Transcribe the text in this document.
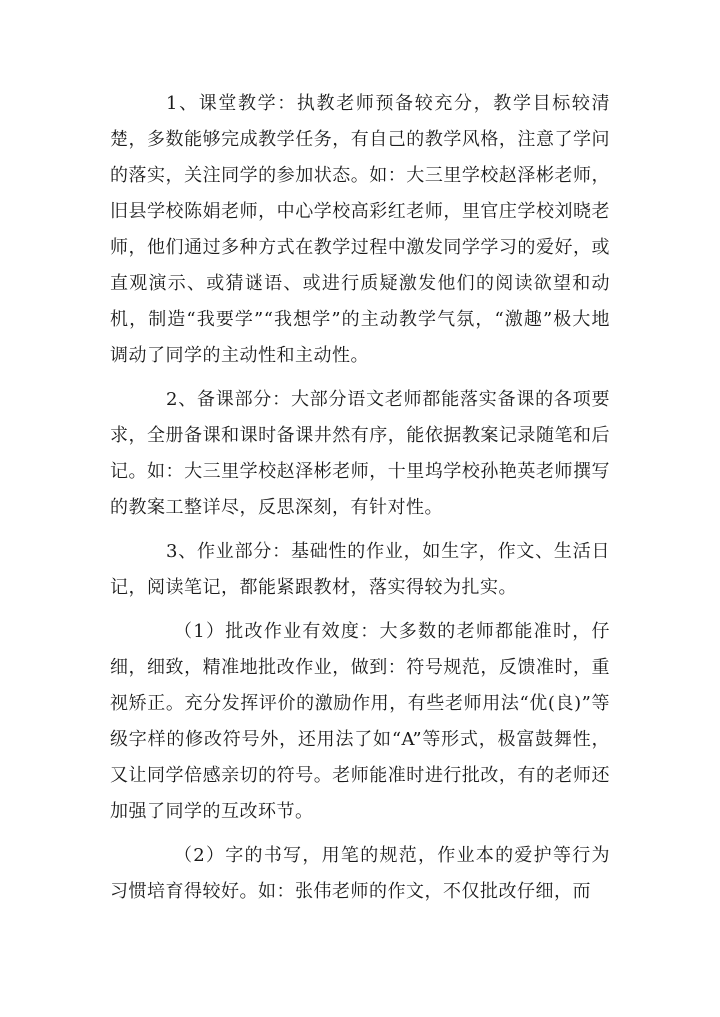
1、课堂教学：执教老师预备较充分，教学目标较清楚，多数能够完成教学任务，有自己的教学风格，注意了学问的落实，关注同学的参加状态。如：大三里学校赵泽彬老师，旧县学校陈娟老师，中心学校高彩红老师，里官庄学校刘晓老师，他们通过多种方式在教学过程中激发同学学习的爱好，或直观演示、或猜谜语、或进行质疑激发他们的阅读欲望和动机，制造“我要学”“我想学”的主动教学气氛，“激趣”极大地调动了同学的主动性和主动性。

2、备课部分：大部分语文老师都能落实备课的各项要求，全册备课和课时备课井然有序，能依据教案记录随笔和后记。如：大三里学校赵泽彬老师，十里坞学校孙艳英老师撰写的教案工整详尽，反思深刻，有针对性。

3、作业部分：基础性的作业，如生字，作文、生活日记，阅读笔记，都能紧跟教材，落实得较为扎实。

（1）批改作业有效度：大多数的老师都能准时，仔细，细致，精准地批改作业，做到：符号规范，反馈准时，重视矫正。充分发挥评价的激励作用，有些老师用法“优(良)”等级字样的修改符号外，还用法了如“A”等形式，极富鼓舞性，又让同学倍感亲切的符号。老师能准时进行批改，有的老师还加强了同学的互改环节。

（2）字的书写，用笔的规范，作业本的爱护等行为习惯培育得较好。如：张伟老师的作文，不仅批改仔细，而
